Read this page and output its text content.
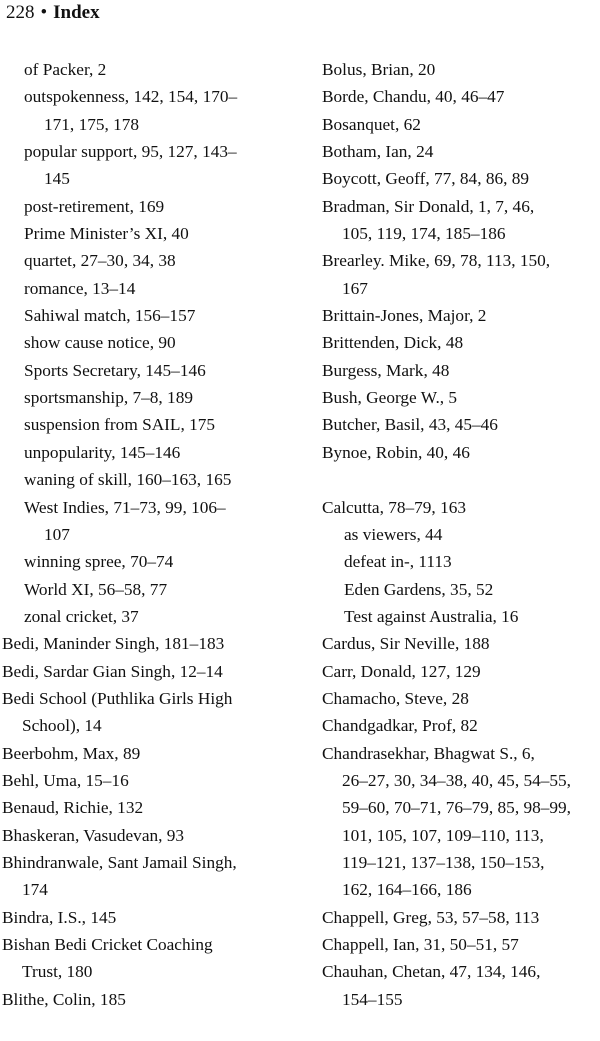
228 • Index
of Packer, 2
outspokenness, 142, 154, 170–
171, 175, 178
popular support, 95, 127, 143–
145
post-retirement, 169
Prime Minister’s XI, 40
quartet, 27–30, 34, 38
romance, 13–14
Sahiwal match, 156–157
show cause notice, 90
Sports Secretary, 145–146
sportsmanship, 7–8, 189
suspension from SAIL, 175
unpopularity, 145–146
waning of skill, 160–163, 165
West Indies, 71–73, 99, 106–
107
winning spree, 70–74
World XI, 56–58, 77
zonal cricket, 37
Bedi, Maninder Singh, 181–183
Bedi, Sardar Gian Singh, 12–14
Bedi School (Puthlika Girls High
School), 14
Beerbohm, Max, 89
Behl, Uma, 15–16
Benaud, Richie, 132
Bhaskeran, Vasudevan, 93
Bhindranwale, Sant Jamail Singh,
174
Bindra, I.S., 145
Bishan Bedi Cricket Coaching
Trust, 180
Blithe, Colin, 185
Bolus, Brian, 20
Borde, Chandu, 40, 46–47
Bosanquet, 62
Botham, Ian, 24
Boycott, Geoff, 77, 84, 86, 89
Bradman, Sir Donald, 1, 7, 46,
105, 119, 174, 185–186
Brearley. Mike, 69, 78, 113, 150,
167
Brittain-Jones, Major, 2
Brittenden, Dick, 48
Burgess, Mark, 48
Bush, George W., 5
Butcher, Basil, 43, 45–46
Bynoe, Robin, 40, 46
Calcutta, 78–79, 163
as viewers, 44
defeat in-, 1113
Eden Gardens, 35, 52
Test against Australia, 16
Cardus, Sir Neville, 188
Carr, Donald, 127, 129
Chamacho, Steve, 28
Chandgadkar, Prof, 82
Chandrasekhar, Bhagwat S., 6,
26–27, 30, 34–38, 40, 45, 54–55,
59–60, 70–71, 76–79, 85, 98–99,
101, 105, 107, 109–110, 113,
119–121, 137–138, 150–153,
162, 164–166, 186
Chappell, Greg, 53, 57–58, 113
Chappell, Ian, 31, 50–51, 57
Chauhan, Chetan, 47, 134, 146,
154–155
